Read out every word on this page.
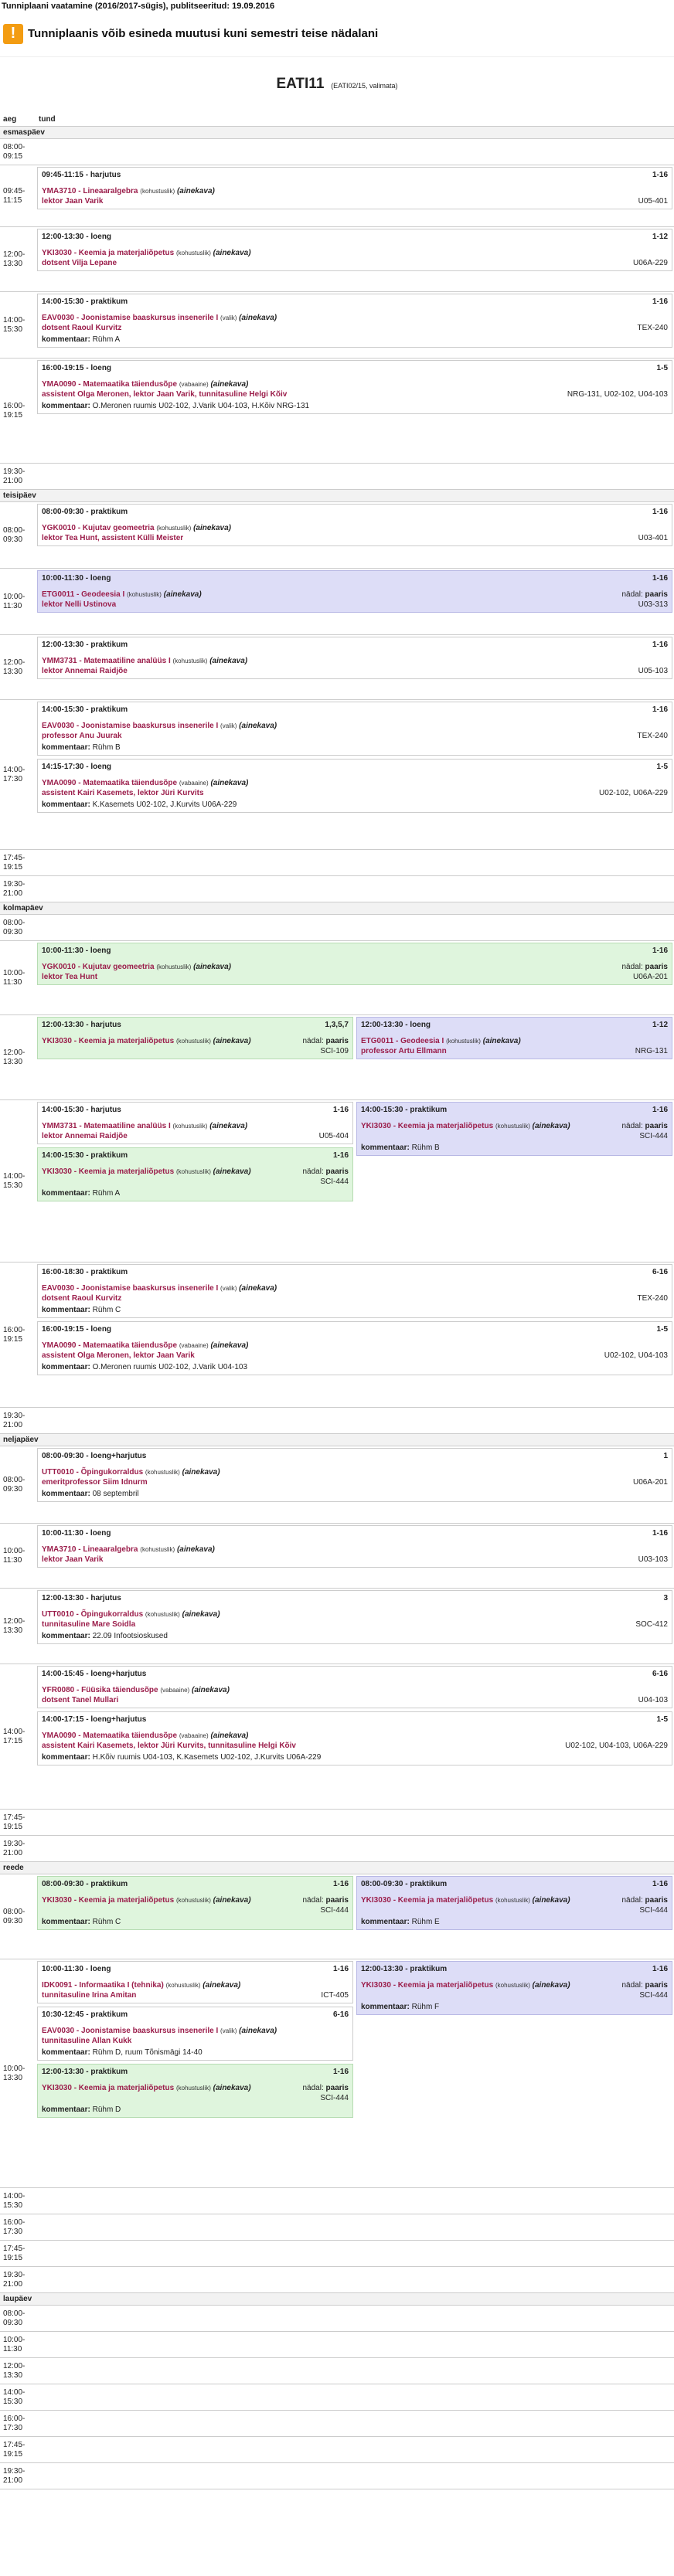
Tunniplaani vaatamine (2016/2017-sügis), publitseeritud: 19.09.2016
!	Tunniplaanis võib esineda muutusi kuni semestri teise nädalani
EATI11 (EATI02/15, valimata)
aeg	tund
esmaspäev
08:00-09:15
09:45-11:15
09:45-11:15 - harjutus	1-16
YMA3710 - Lineaaralgebra (kohustuslik) (ainekava)
lektor Jaan Varik	U05-401
12:00-13:30
12:00-13:30 - loeng	1-12
YKI3030 - Keemia ja materjaliõpetus (kohustuslik) (ainekava)
dotsent Vilja Lepane	U06A-229
14:00-15:30
14:00-15:30 - praktikum	1-16
EAV0030 - Joonistamise baaskursus insenerile I (valik) (ainekava)
dotsent Raoul Kurvitz	TEX-240
kommentaar: Rühm A
16:00-19:15
16:00-19:15 - loeng	1-5
YMA0090 - Matemaatika täiendusõpe (vabaaine) (ainekava)
assistent Olga Meronen, lektor Jaan Varik, tunnitasuline Helgi Kõiv	NRG-131, U02-102, U04-103
kommentaar: O.Meronen ruumis U02-102, J.Varik U04-103, H.Kõiv NRG-131
19:30-21:00
teisipäev
08:00-09:30
08:00-09:30 - praktikum	1-16
YGK0010 - Kujutav geomeetria (kohustuslik) (ainekava)
lektor Tea Hunt, assistent Külli Meister	U03-401
10:00-11:30
10:00-11:30 - loeng	1-16
ETG0011 - Geodeesia I (kohustuslik) (ainekava)	nädal: paaris
lektor Nelli Ustinova	U03-313
12:00-13:30
12:00-13:30 - praktikum	1-16
YMM3731 - Matemaatiline analüüs I (kohustuslik) (ainekava)
lektor Annemai Raidjõe	U05-103
14:00-17:30
14:00-15:30 - praktikum	1-16
EAV0030 - Joonistamise baaskursus insenerile I (valik) (ainekava)
professor Anu Juurak	TEX-240
kommentaar: Rühm B
14:15-17:30 - loeng	1-5
YMA0090 - Matemaatika täiendusõpe (vabaaine) (ainekava)
assistent Kairi Kasemets, lektor Jüri Kurvits	U02-102, U06A-229
kommentaar: K.Kasemets U02-102, J.Kurvits U06A-229
17:45-19:15
19:30-21:00
kolmapäev
08:00-09:30
10:00-11:30
10:00-11:30 - loeng	1-16
YGK0010 - Kujutav geomeetria (kohustuslik) (ainekava)	nädal: paaris
lektor Tea Hunt	U06A-201
12:00-13:30
12:00-13:30 - harjutus	1,3,5,7
YKI3030 - Keemia ja materjaliõpetus (kohustuslik) (ainekava)	nädal: paaris
SCI-109
12:00-13:30 - loeng	1-12
ETG0011 - Geodeesia I (kohustuslik) (ainekava)
professor Artu Ellmann	NRG-131
14:00-15:30
14:00-15:30 - harjutus	1-16
YMM3731 - Matemaatiline analüüs I (kohustuslik) (ainekava)
lektor Annemai Raidjõe	U05-404
14:00-15:30 - praktikum	1-16
YKI3030 - Keemia ja materjaliõpetus (kohustuslik) (ainekava)	nädal: paaris
SCI-444
kommentaar: Rühm A
14:00-15:30 - praktikum	1-16
YKI3030 - Keemia ja materjaliõpetus (kohustuslik) (ainekava)	nädal: paaris
SCI-444
kommentaar: Rühm B
16:00-19:15
16:00-18:30 - praktikum	6-16
EAV0030 - Joonistamise baaskursus insenerile I (valik) (ainekava)
dotsent Raoul Kurvitz	TEX-240
kommentaar: Rühm C
16:00-19:15 - loeng	1-5
YMA0090 - Matemaatika täiendusõpe (vabaaine) (ainekava)
assistent Olga Meronen, lektor Jaan Varik	U02-102, U04-103
kommentaar: O.Meronen ruumis U02-102, J.Varik U04-103
19:30-21:00
neljapäev
08:00-09:30
08:00-09:30 - loeng+harjutus	1
UTT0010 - Õpingukorraldus (kohustuslik) (ainekava)
emeritprofessor Siim Idnurm	U06A-201
kommentaar: 08 septembril
10:00-11:30
10:00-11:30 - loeng	1-16
YMA3710 - Lineaaralgebra (kohustuslik) (ainekava)
lektor Jaan Varik	U03-103
12:00-13:30
12:00-13:30 - harjutus	3
UTT0010 - Õpingukorraldus (kohustuslik) (ainekava)
tunnitasuline Mare Soidla	SOC-412
kommentaar: 22.09 Infootsioskused
14:00-17:15
14:00-15:45 - loeng+harjutus	6-16
YFR0080 - Füüsika täiendusõpe (vabaaine) (ainekava)
dotsent Tanel Mullari	U04-103
14:00-17:15 - loeng+harjutus	1-5
YMA0090 - Matemaatika täiendusõpe (vabaaine) (ainekava)
assistent Kairi Kasemets, lektor Jüri Kurvits, tunnitasuline Helgi Kõiv	U02-102, U04-103, U06A-229
kommentaar: H.Kõiv ruumis U04-103, K.Kasemets U02-102, J.Kurvits U06A-229
17:45-19:15
19:30-21:00
reede
08:00-09:30
08:00-09:30 - praktikum	1-16
YKI3030 - Keemia ja materjaliõpetus (kohustuslik) (ainekava)	nädal: paaris
SCI-444
kommentaar: Rühm C
08:00-09:30 - praktikum	1-16
YKI3030 - Keemia ja materjaliõpetus (kohustuslik) (ainekava)	nädal: paaris
SCI-444
kommentaar: Rühm E
10:00-13:30
10:00-11:30 - loeng	1-16
IDK0091 - Informaatika I (tehnika) (kohustuslik) (ainekava)
tunnitasuline Irina Amitan	ICT-405
10:30-12:45 - praktikum	6-16
EAV0030 - Joonistamise baaskursus insenerile I (valik) (ainekava)
tunnitasuline Allan Kukk
kommentaar: Rühm D, ruum Tõnismägi 14-40
12:00-13:30 - praktikum	1-16
YKI3030 - Keemia ja materjaliõpetus (kohustuslik) (ainekava)	nädal: paaris
SCI-444
kommentaar: Rühm D
12:00-13:30 - praktikum	1-16
YKI3030 - Keemia ja materjaliõpetus (kohustuslik) (ainekava)	nädal: paaris
SCI-444
kommentaar: Rühm F
14:00-15:30
16:00-17:30
17:45-19:15
19:30-21:00
laupäev
08:00-09:30
10:00-11:30
12:00-13:30
14:00-15:30
16:00-17:30
17:45-19:15
19:30-21:00
